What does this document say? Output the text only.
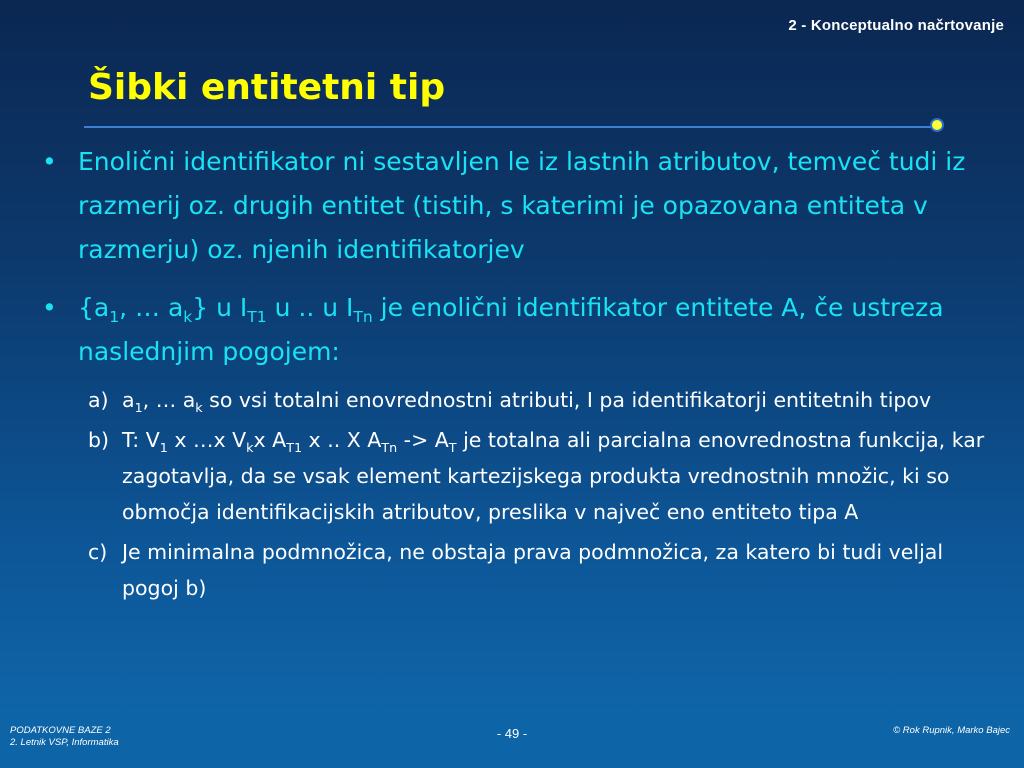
2 - Konceptualno načrtovanje
Šibki entitetni tip
• Enolični identifikator ni sestavljen le iz lastnih atributov, temveč tudi iz razmerij oz. drugih entitet (tistih, s katerimi je opazovana entiteta v razmerju) oz. njenih identifikatorjev
• {$a_1$, … $a_k$} u $I_{T1}$ u .. u $I_{Tn}$ je enolični identifikator entitete A, če ustreza naslednjim pogojem:
a) $a_1$, … $a_k$ so vsi totalni enovrednostni atributi, I pa identifikatorji entitetnih tipov
b) T: $V_1$ x …x $V_kx$ $A_{T1}$ x .. X $A_{Tn} -> A_T$ je totalna ali parcialna enovrednostna funkcija, kar zagotavlja, da se vsak element kartezijskega produkta vrednostnih množic, ki so območja identifikacijskih atributov, preslika v največ eno entiteto tipa A
c) Je minimalna podmnožica, ne obstaja prava podmnožica, za katero bi tudi veljal pogoj b)
PODATKOVNE BAZE 2
2. Letnik VSP, Informatika
- 49 -	© Rok Rupnik, Marko Bajec
